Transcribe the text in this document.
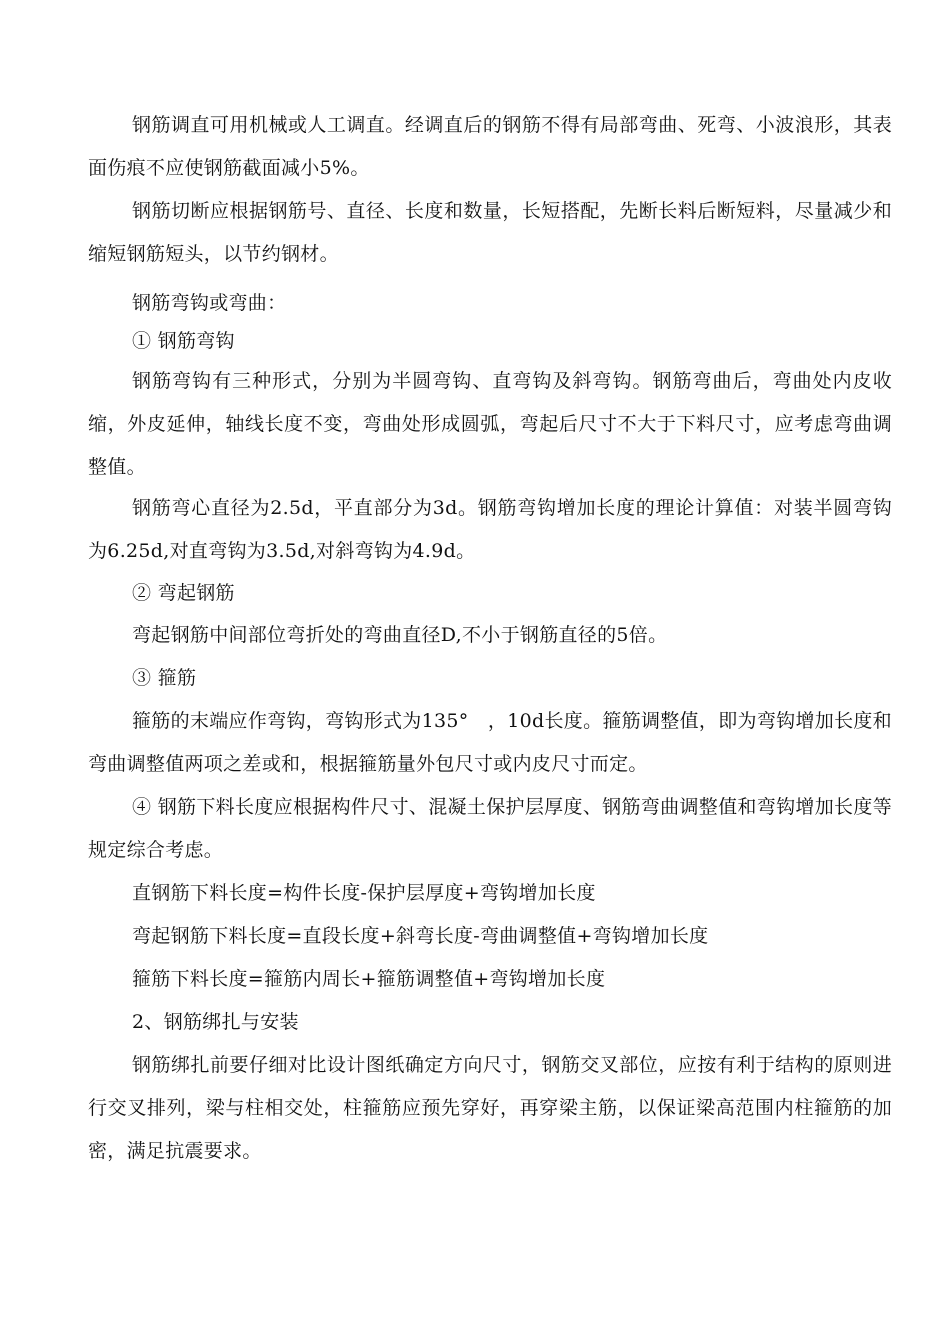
钢筋调直可用机械或人工调直。经调直后的钢筋不得有局部弯曲、死弯、小波浪形，其表面伤痕不应使钢筋截面减小5%。

钢筋切断应根据钢筋号、直径、长度和数量，长短搭配，先断长料后断短料，尽量减少和缩短钢筋短头，以节约钢材。

钢筋弯钩或弯曲：

① 钢筋弯钩

钢筋弯钩有三种形式，分别为半圆弯钩、直弯钩及斜弯钩。钢筋弯曲后，弯曲处内皮收缩，外皮延伸，轴线长度不变，弯曲处形成圆弧，弯起后尺寸不大于下料尺寸，应考虑弯曲调整值。

钢筋弯心直径为2.5d，平直部分为3d。钢筋弯钩增加长度的理论计算值：对装半圆弯钩为6.25d,对直弯钩为3.5d,对斜弯钩为4.9d。

② 弯起钢筋

弯起钢筋中间部位弯折处的弯曲直径D,不小于钢筋直径的5倍。

③ 箍筋

箍筋的末端应作弯钩，弯钩形式为135°　，10d长度。箍筋调整值，即为弯钩增加长度和弯曲调整值两项之差或和，根据箍筋量外包尺寸或内皮尺寸而定。

④ 钢筋下料长度应根据构件尺寸、混凝土保护层厚度、钢筋弯曲调整值和弯钩增加长度等规定综合考虑。

直钢筋下料长度=构件长度-保护层厚度+弯钩增加长度

弯起钢筋下料长度=直段长度+斜弯长度-弯曲调整值+弯钩增加长度

箍筋下料长度=箍筋内周长+箍筋调整值+弯钩增加长度

2、钢筋绑扎与安装

钢筋绑扎前要仔细对比设计图纸确定方向尺寸，钢筋交叉部位，应按有利于结构的原则进行交叉排列，梁与柱相交处，柱箍筋应预先穿好，再穿梁主筋，以保证梁高范围内柱箍筋的加密，满足抗震要求。
